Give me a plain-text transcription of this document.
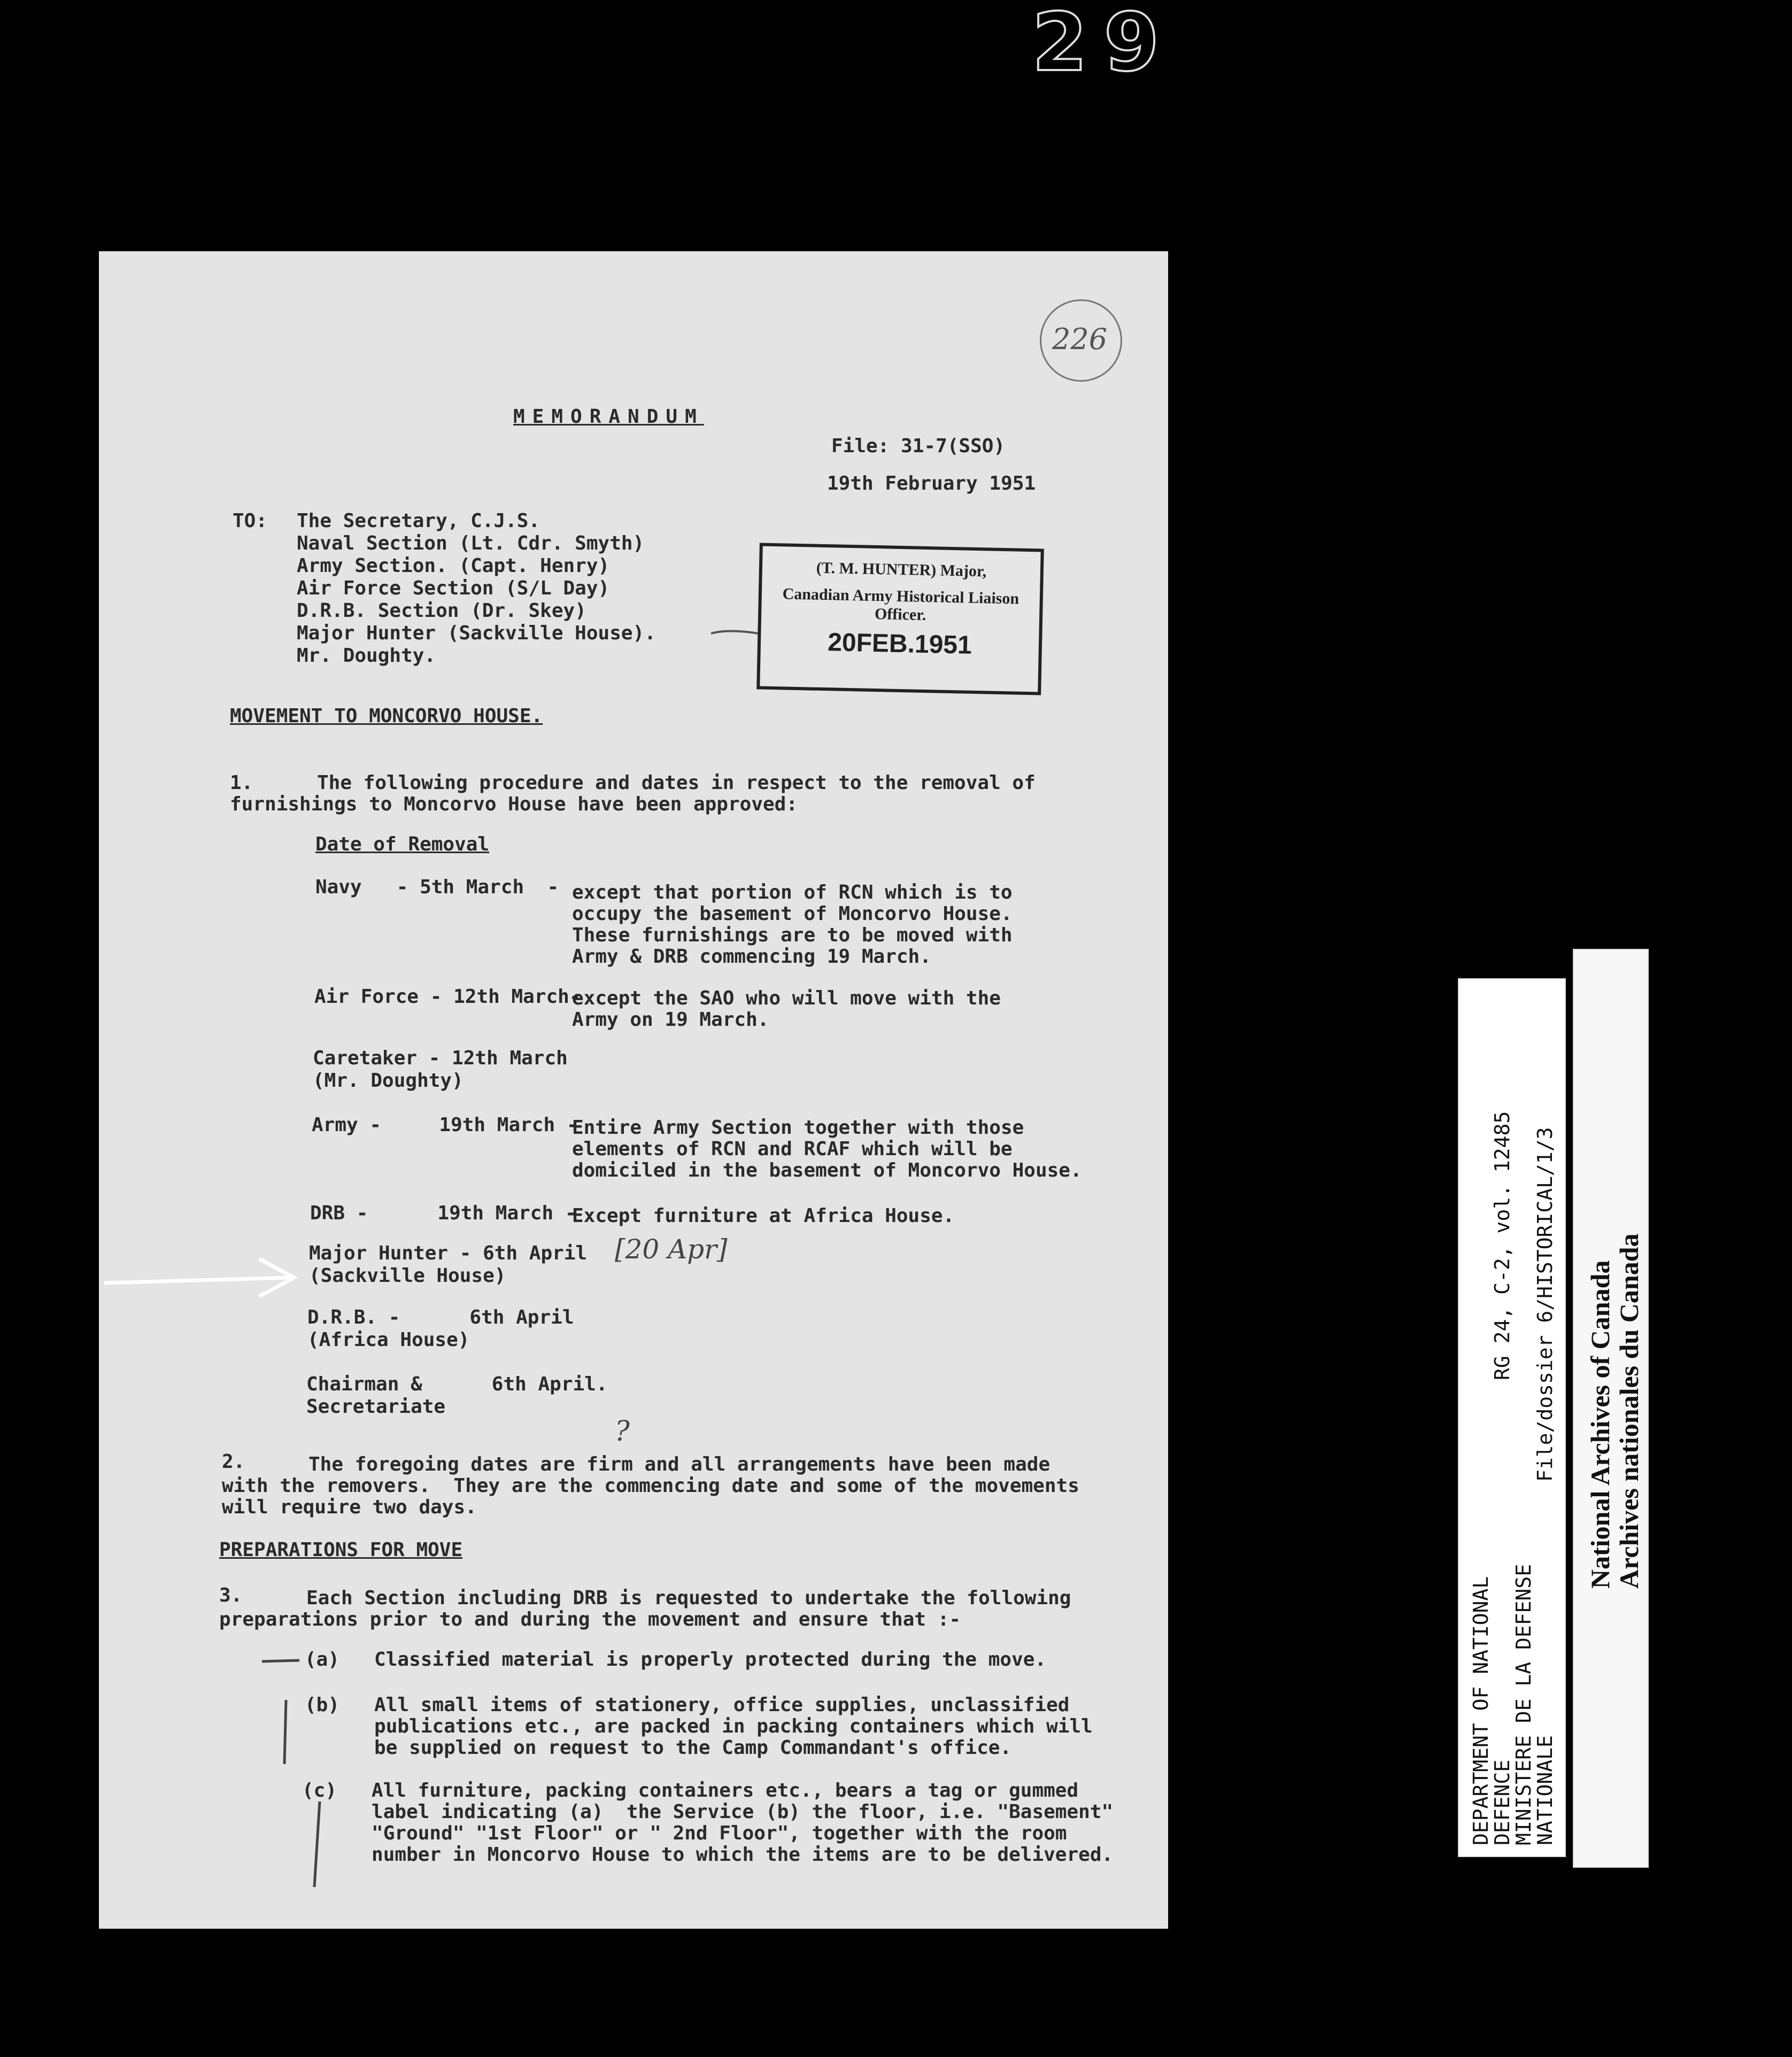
29
226
MEMORANDUM
File: 31-7(SSO)
19th February 1951
TO: The Secretary, C.J.S.
Naval Section (Lt. Cdr. Smyth)
Army Section. (Capt. Henry)
Air Force Section (S/L Day)
D.R.B. Section (Dr. Skey)
Major Hunter (Sackville House).
Mr. Doughty.
MOVEMENT TO MONCORVO HOUSE.
1.	The following procedure and dates in respect to the removal of
furnishings to Moncorvo House have been approved:
Date of Removal
Navy   - 5th March  - except that portion of RCN which is to
occupy the basement of Moncorvo House.
These furnishings are to be moved with
Army & DRB commencing 19 March.
Air Force - 12th March-
except the SAO who will move with the
Army on 19 March.
Caretaker - 12th March
(Mr. Doughty)
Army -     19th March -
Entire Army Section together with those
elements of RCN and RCAF which will be
domiciled in the basement of Moncorvo House.
DRB -      19th March -
Except furniture at Africa House.
Major Hunter - 6th April
(Sackville House)
[20 Apr]
D.R.B. -      6th April
(Africa House)
Chairman &      6th April.
Secretariate
?
2.	The foregoing dates are firm and all arrangements have been made
with the removers.  They are the commencing date and some of the movements
will require two days.
PREPARATIONS FOR MOVE
3.	Each Section including DRB is requested to undertake the following
preparations prior to and during the movement and ensure that :-
(a)   Classified material is properly protected during the move.
(b)   All small items of stationery, office supplies, unclassified
publications etc., are packed in packing containers which will
be supplied on request to the Camp Commandant's office.
(c)   All furniture, packing containers etc., bears a tag or gummed
label indicating (a)  the Service (b) the floor, i.e. "Basement"
"Ground" "1st Floor" or " 2nd Floor", together with the room
number in Moncorvo House to which the items are to be delivered.
(T. M. HUNTER) Major,
Canadian Army Historical Liaison Officer.
20FEB.1951
DEPARTMENT OF NATIONAL
DEFENCE
MINISTERE DE LA DEFENSE
NATIONALE
RG 24, C-2, vol. 12485 File/dossier 6/HISTORICAL/1/3 National Archives of Canada
Archives nationales du Canada
